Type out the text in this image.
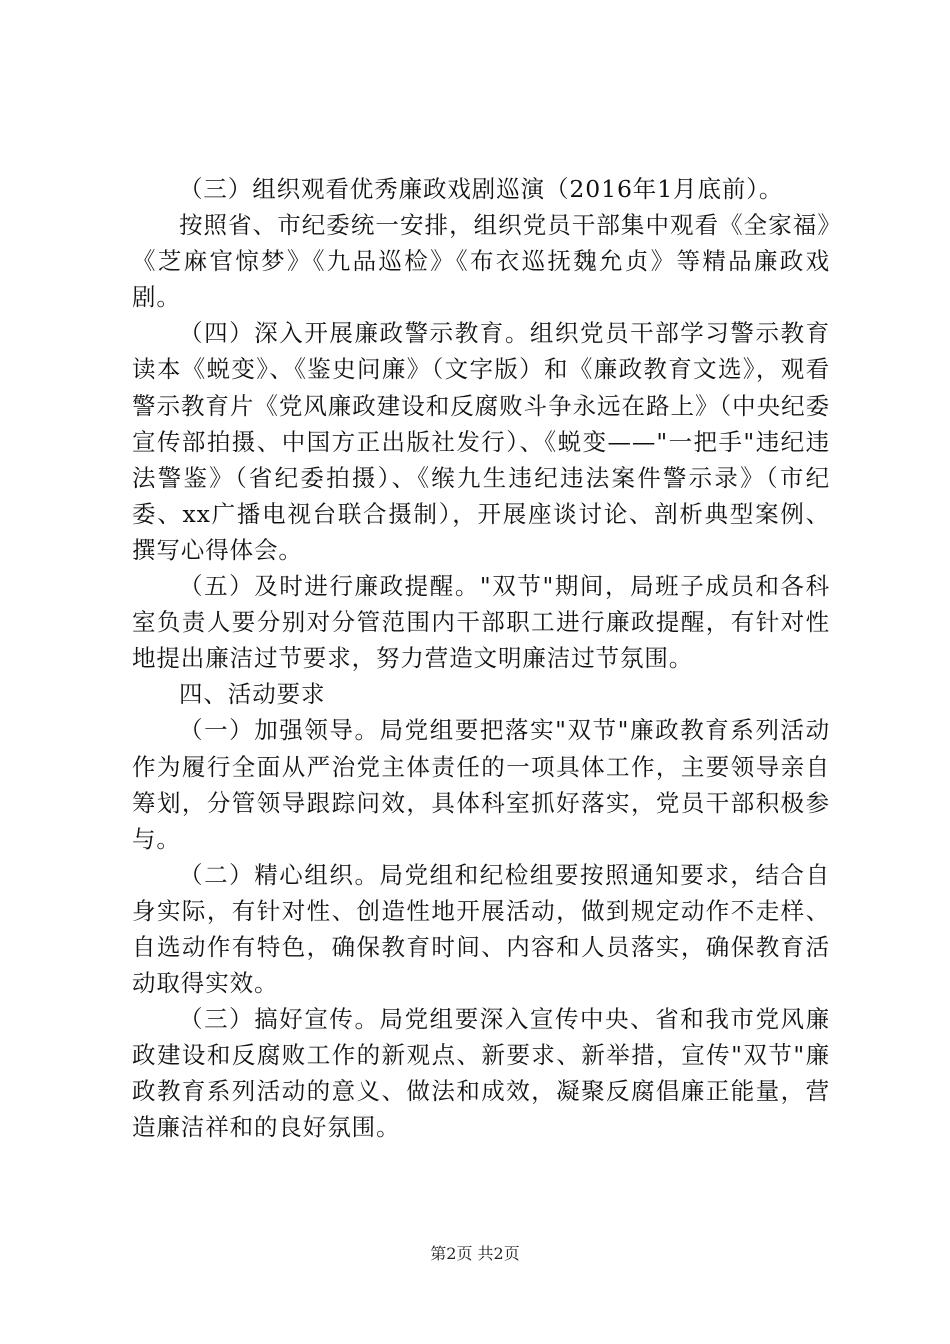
（三）组织观看优秀廉政戏剧巡演（2016年1月底前）。

按照省、市纪委统一安排，组织党员干部集中观看《全家福》《芝麻官惊梦》《九品巡检》《布衣巡抚魏允贞》等精品廉政戏剧。

（四）深入开展廉政警示教育。组织党员干部学习警示教育读本《蜕变》、《鉴史问廉》（文字版）和《廉政教育文选》，观看警示教育片《党风廉政建设和反腐败斗争永远在路上》（中央纪委宣传部拍摄、中国方正出版社发行）、《蜕变——"一把手"违纪违法警鉴》（省纪委拍摄）、《缑九生违纪违法案件警示录》（市纪委、xx广播电视台联合摄制），开展座谈讨论、剖析典型案例、撰写心得体会。

（五）及时进行廉政提醒。"双节"期间，局班子成员和各科室负责人要分别对分管范围内干部职工进行廉政提醒，有针对性地提出廉洁过节要求，努力营造文明廉洁过节氛围。

四、活动要求

（一）加强领导。局党组要把落实"双节"廉政教育系列活动作为履行全面从严治党主体责任的一项具体工作，主要领导亲自筹划，分管领导跟踪问效，具体科室抓好落实，党员干部积极参与。

（二）精心组织。局党组和纪检组要按照通知要求，结合自身实际，有针对性、创造性地开展活动，做到规定动作不走样、自选动作有特色，确保教育时间、内容和人员落实，确保教育活动取得实效。

（三）搞好宣传。局党组要深入宣传中央、省和我市党风廉政建设和反腐败工作的新观点、新要求、新举措，宣传"双节"廉政教育系列活动的意义、做法和成效，凝聚反腐倡廉正能量，营造廉洁祥和的良好氛围。

第2页 共2页
